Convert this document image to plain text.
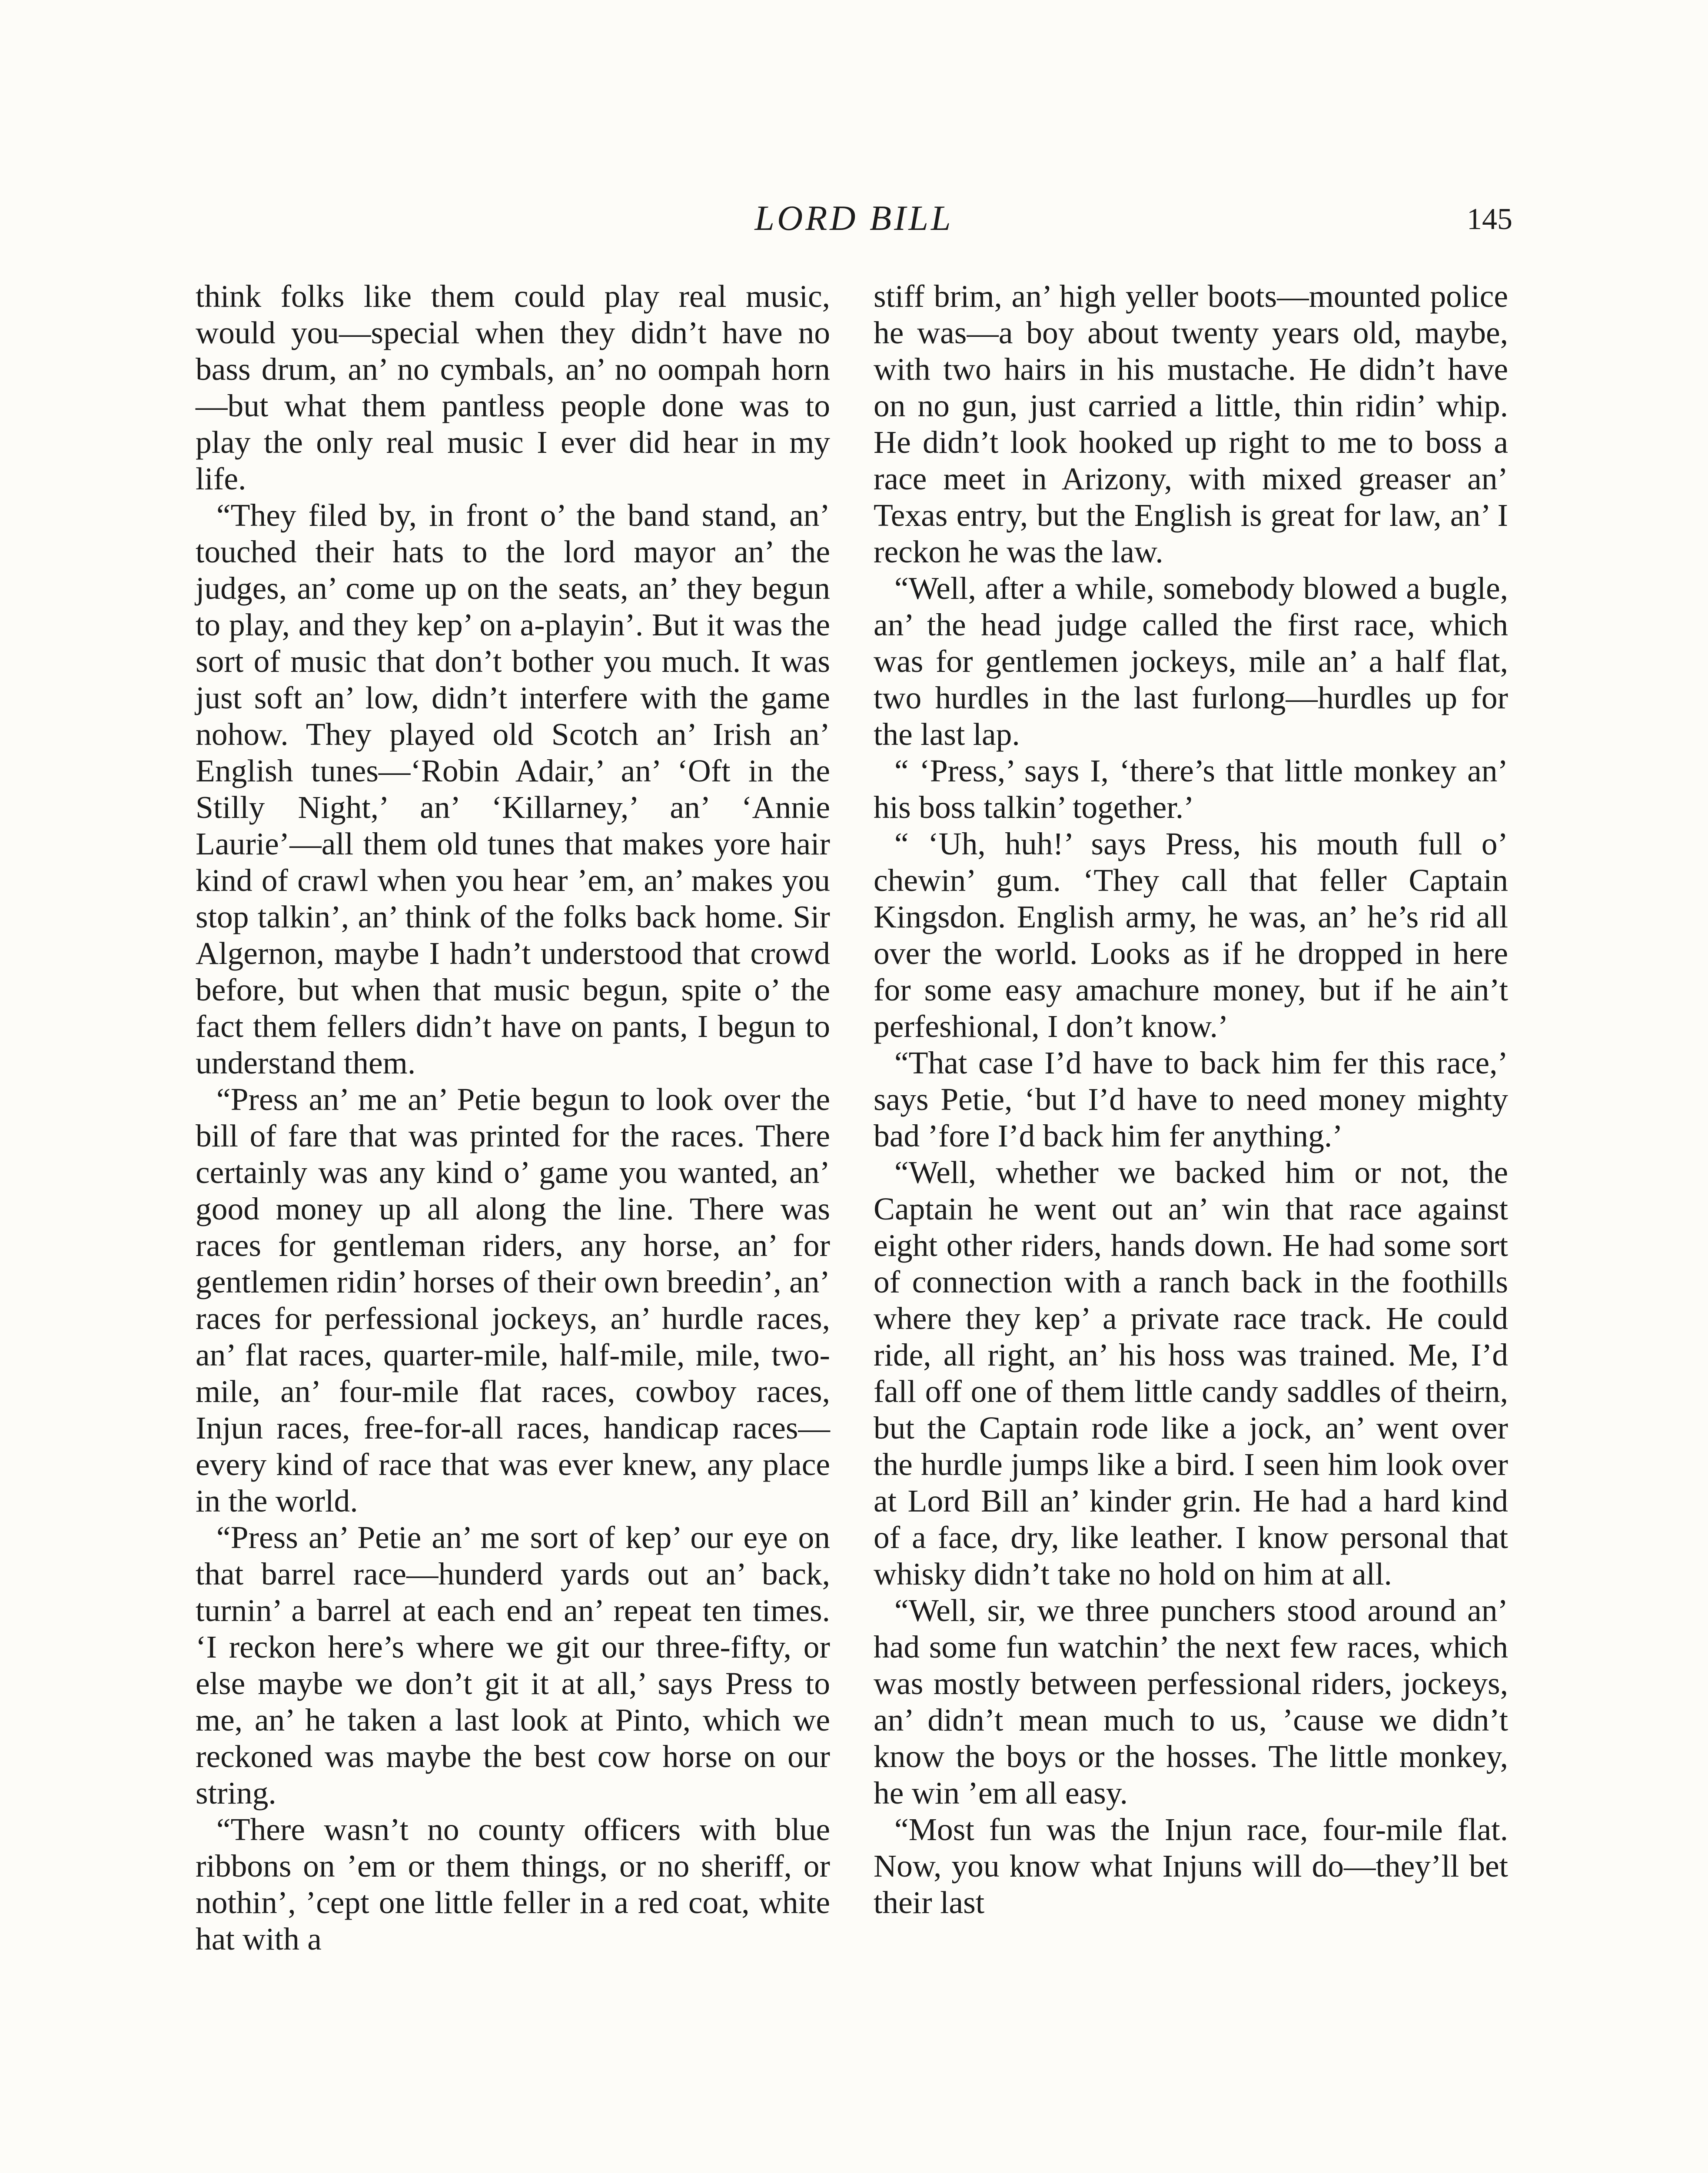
LORD BILL	145

think folks like them could play real music, would you—special when they didn’t have no bass drum, an’ no cymbals, an’ no oompah horn—but what them pantless people done was to play the only real music I ever did hear in my life.

“They filed by, in front o’ the band stand, an’ touched their hats to the lord mayor an’ the judges, an’ come up on the seats, an’ they begun to play, and they kep’ on a-playin’. But it was the sort of music that don’t bother you much. It was just soft an’ low, didn’t interfere with the game nohow. They played old Scotch an’ Irish an’ English tunes—‘Robin Adair,’ an’ ‘Oft in the Stilly Night,’ an’ ‘Killarney,’ an’ ‘Annie Laurie’—all them old tunes that makes yore hair kind of crawl when you hear ’em, an’ makes you stop talkin’, an’ think of the folks back home. Sir Algernon, maybe I hadn’t understood that crowd before, but when that music begun, spite o’ the fact them fellers didn’t have on pants, I begun to understand them.

“Press an’ me an’ Petie begun to look over the bill of fare that was printed for the races. There certainly was any kind o’ game you wanted, an’ good money up all along the line. There was races for gentleman riders, any horse, an’ for gentlemen ridin’ horses of their own breedin’, an’ races for perfessional jockeys, an’ hurdle races, an’ flat races, quarter-mile, half-mile, mile, two-mile, an’ four-mile flat races, cowboy races, Injun races, free-for-all races, handicap races—every kind of race that was ever knew, any place in the world.

“Press an’ Petie an’ me sort of kep’ our eye on that barrel race—hunderd yards out an’ back, turnin’ a barrel at each end an’ repeat ten times. ‘I reckon here’s where we git our three-fifty, or else maybe we don’t git it at all,’ says Press to me, an’ he taken a last look at Pinto, which we reckoned was maybe the best cow horse on our string.

“There wasn’t no county officers with blue ribbons on ’em or them things, or no sheriff, or nothin’, ’cept one little feller in a red coat, white hat with a

stiff brim, an’ high yeller boots—mounted police he was—a boy about twenty years old, maybe, with two hairs in his mustache. He didn’t have on no gun, just carried a little, thin ridin’ whip. He didn’t look hooked up right to me to boss a race meet in Arizony, with mixed greaser an’ Texas entry, but the English is great for law, an’ I reckon he was the law.

“Well, after a while, somebody blowed a bugle, an’ the head judge called the first race, which was for gentlemen jockeys, mile an’ a half flat, two hurdles in the last furlong—hurdles up for the last lap.

“ ‘Press,’ says I, ‘there’s that little monkey an’ his boss talkin’ together.’

“ ‘Uh, huh!’ says Press, his mouth full o’ chewin’ gum. ‘They call that feller Captain Kingsdon. English army, he was, an’ he’s rid all over the world. Looks as if he dropped in here for some easy amachure money, but if he ain’t perfeshional, I don’t know.’

“That case I’d have to back him fer this race,’ says Petie, ‘but I’d have to need money mighty bad ’fore I’d back him fer anything.’

“Well, whether we backed him or not, the Captain he went out an’ win that race against eight other riders, hands down. He had some sort of connection with a ranch back in the foothills where they kep’ a private race track. He could ride, all right, an’ his hoss was trained. Me, I’d fall off one of them little candy saddles of theirn, but the Captain rode like a jock, an’ went over the hurdle jumps like a bird. I seen him look over at Lord Bill an’ kinder grin. He had a hard kind of a face, dry, like leather. I know personal that whisky didn’t take no hold on him at all.

“Well, sir, we three punchers stood around an’ had some fun watchin’ the next few races, which was mostly between perfessional riders, jockeys, an’ didn’t mean much to us, ’cause we didn’t know the boys or the hosses. The little monkey, he win ’em all easy.

“Most fun was the Injun race, four-mile flat. Now, you know what Injuns will do—they’ll bet their last
